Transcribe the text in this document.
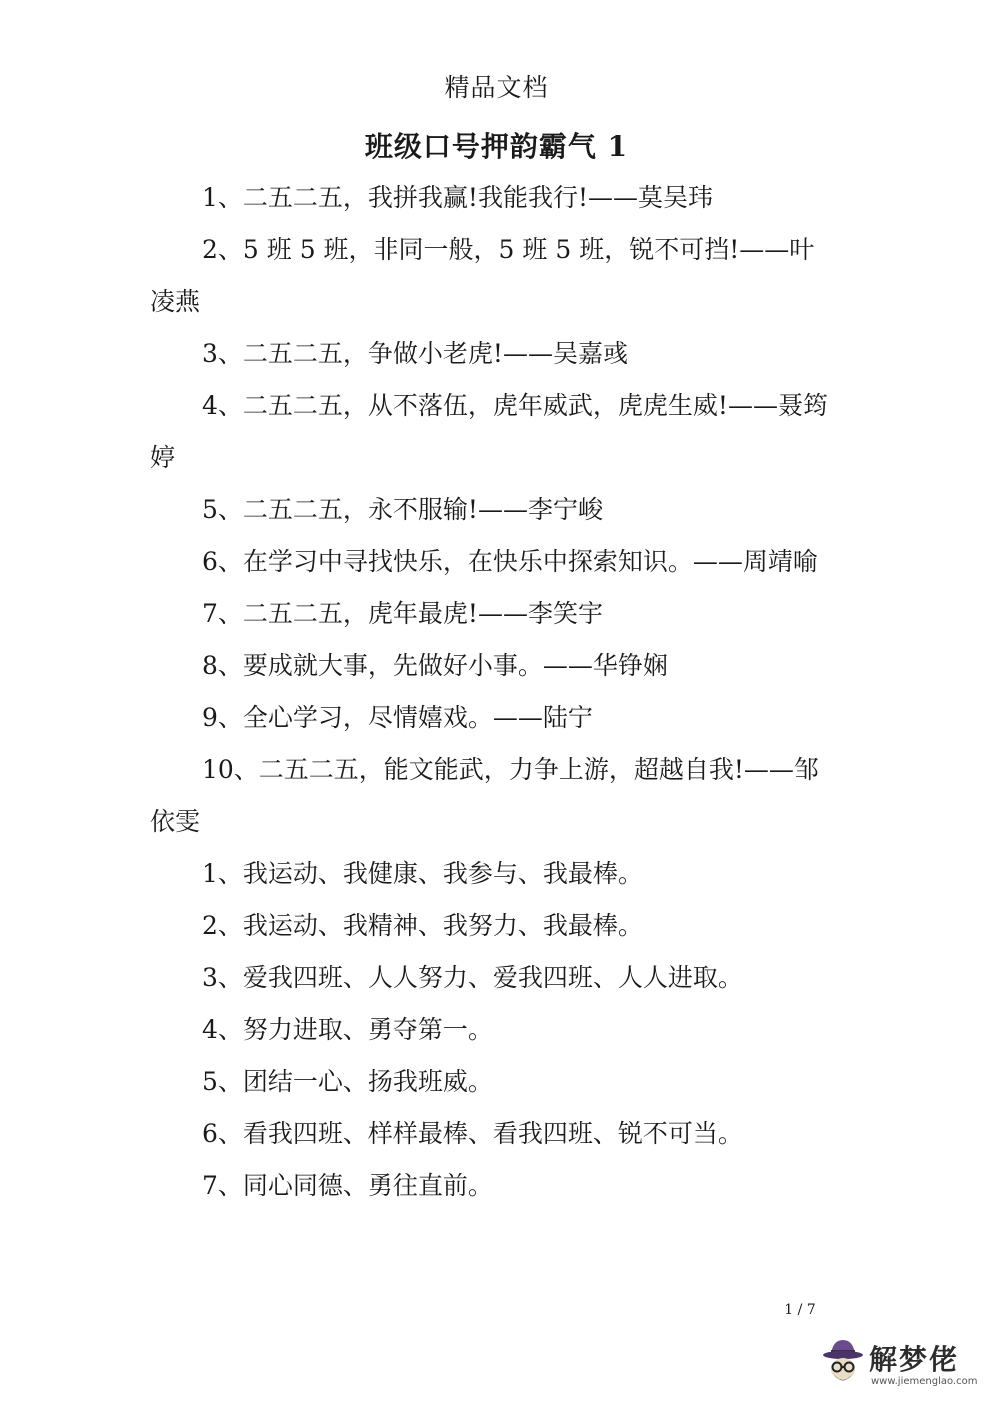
精品文档
班级口号押韵霸气 1

1、二五二五，我拼我赢!我能我行!——莫吴玮

2、5 班 5 班，非同一般，5 班 5 班，锐不可挡!——叶凌燕

3、二五二五，争做小老虎!——吴嘉彧

4、二五二五，从不落伍，虎年威武，虎虎生威!——聂筠婷

5、二五二五，永不服输!——李宁峻

6、在学习中寻找快乐，在快乐中探索知识。——周靖喻

7、二五二五，虎年最虎!——李笑宇

8、要成就大事，先做好小事。——华铮娴

9、全心学习，尽情嬉戏。——陆宁

10、二五二五，能文能武，力争上游，超越自我!——邹依雯

1、我运动、我健康、我参与、我最棒。

2、我运动、我精神、我努力、我最棒。

3、爱我四班、人人努力、爱我四班、人人进取。

4、努力进取、勇夺第一。

5、团结一心、扬我班威。

6、看我四班、样样最棒、看我四班、锐不可当。

7、同心同德、勇往直前。

1 / 7
解梦佬
www.jiemenglao.com
